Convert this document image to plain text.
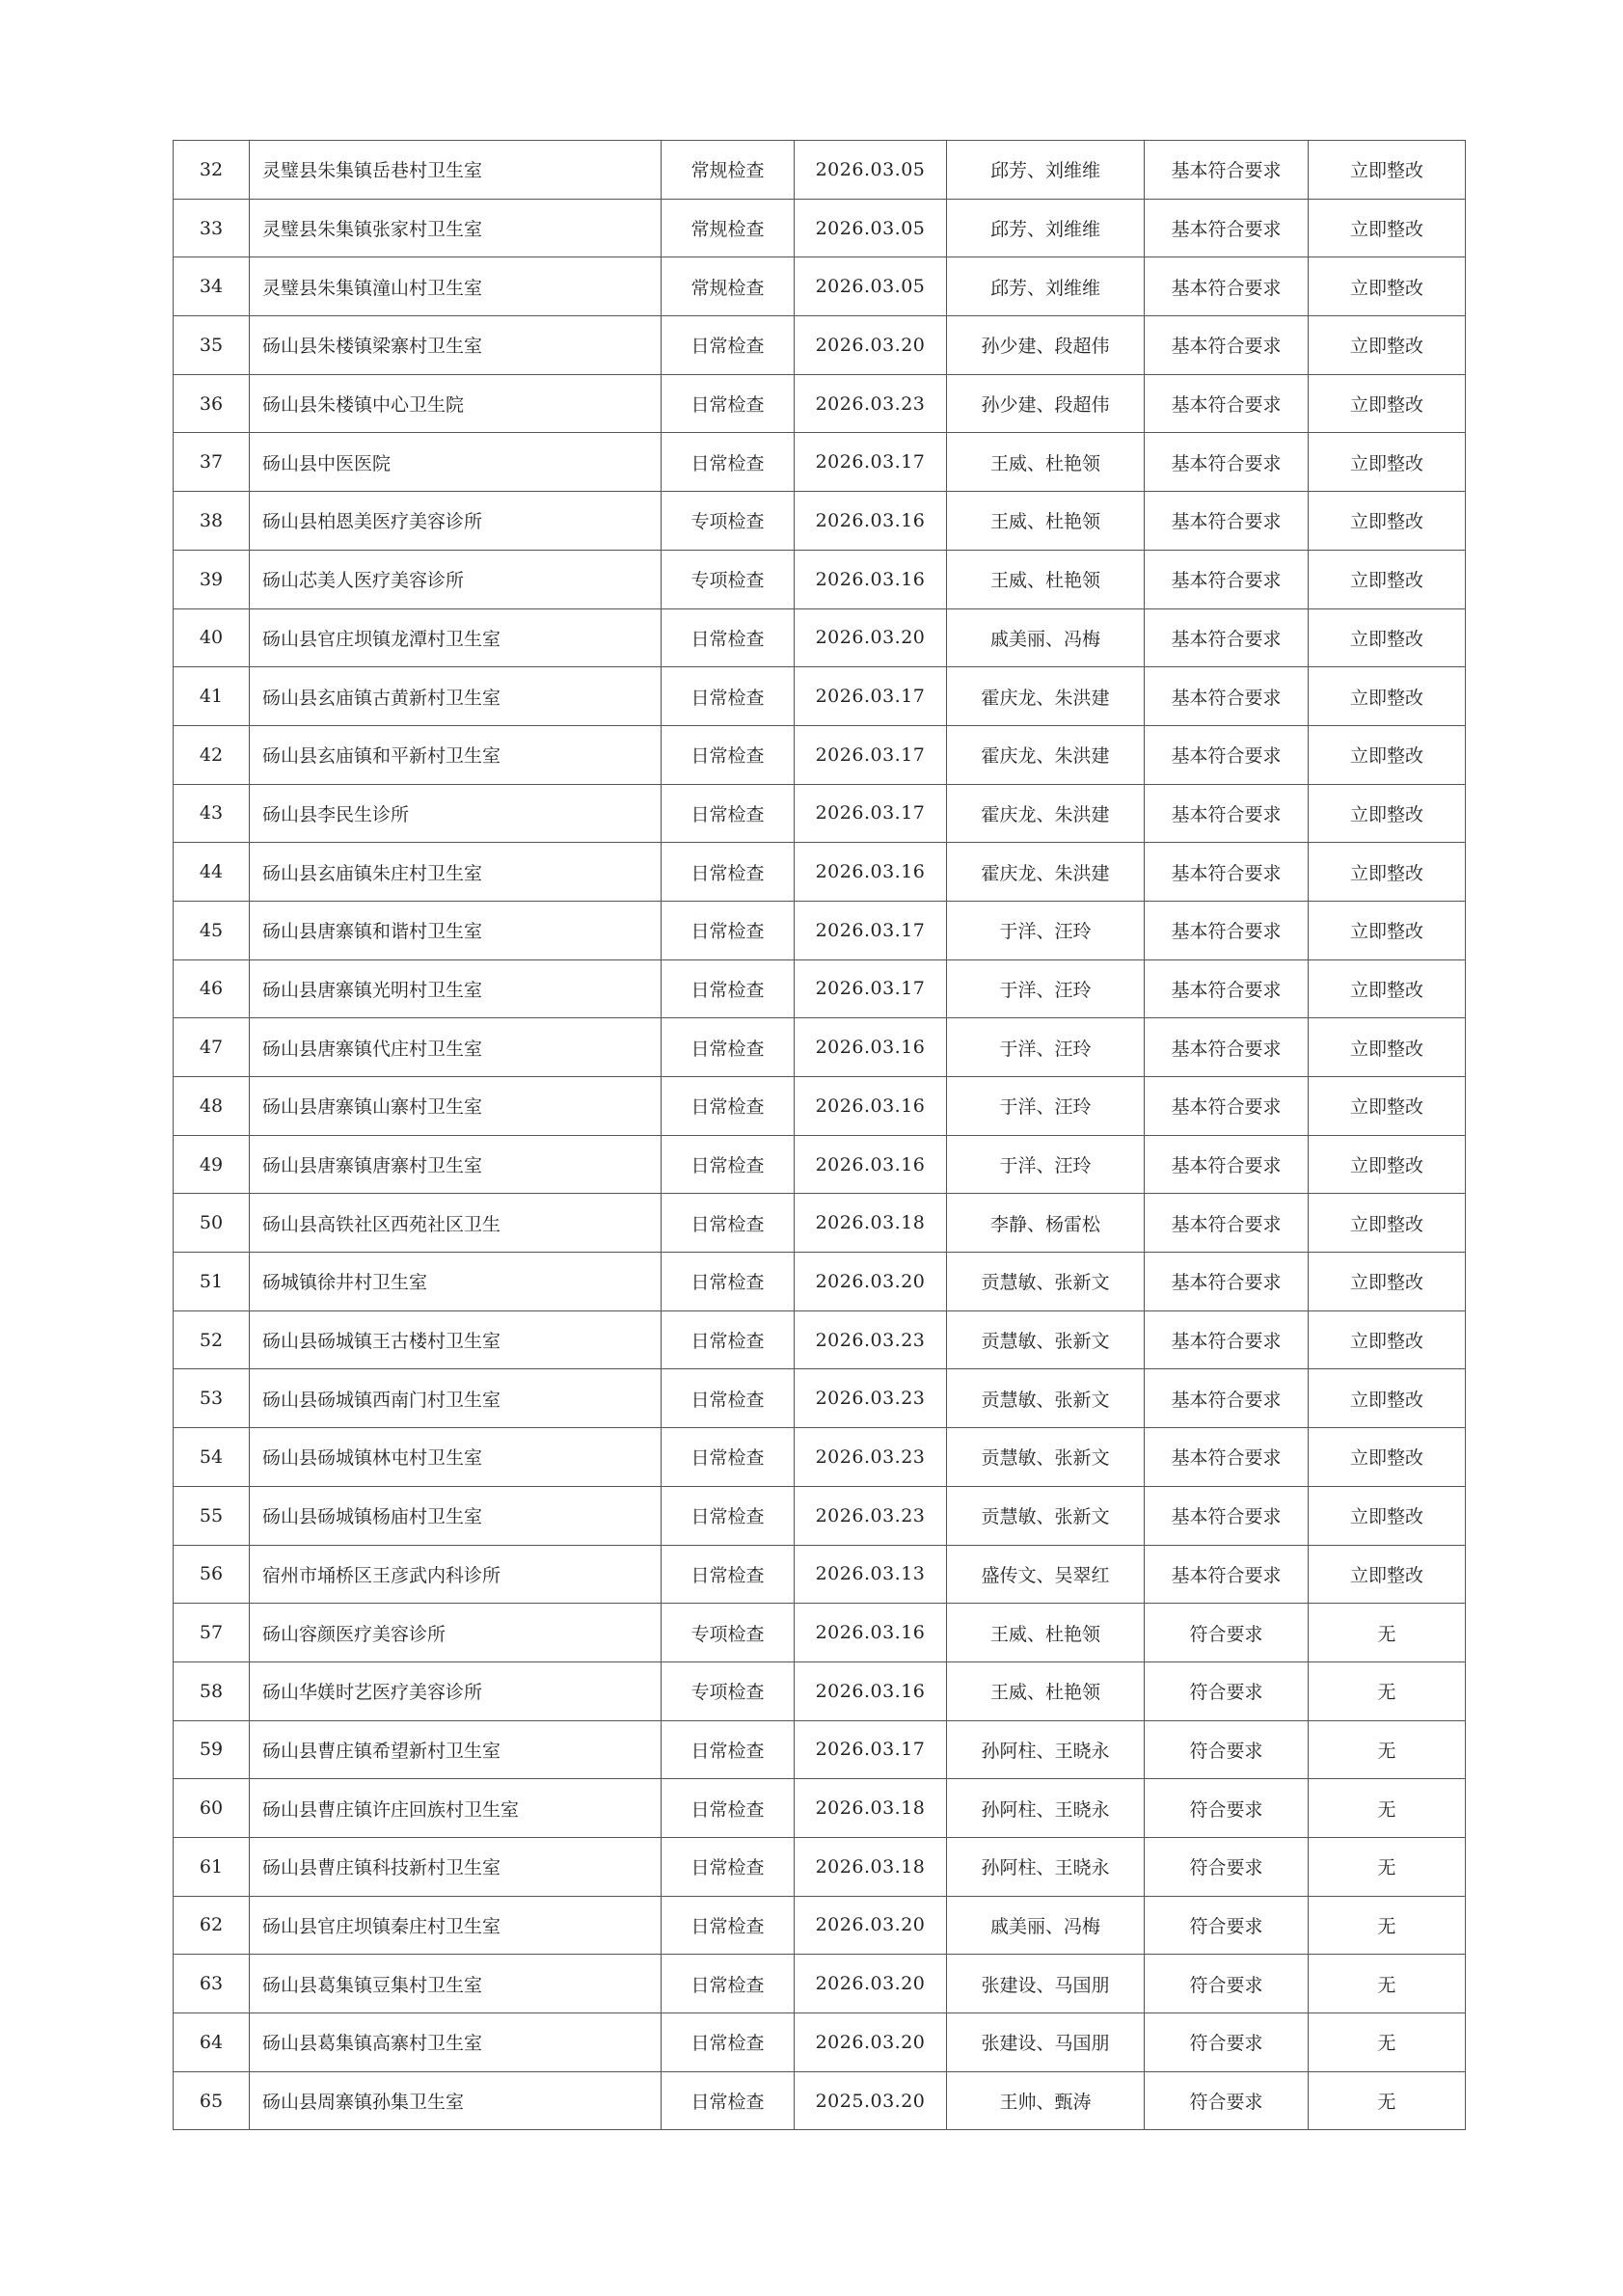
32	灵璧县朱集镇岳巷村卫生室	常规检查	2026.03.05	邱芳、刘维维	基本符合要求	立即整改
33	灵璧县朱集镇张家村卫生室	常规检查	2026.03.05	邱芳、刘维维	基本符合要求	立即整改
34	灵璧县朱集镇潼山村卫生室	常规检查	2026.03.05	邱芳、刘维维	基本符合要求	立即整改
35	砀山县朱楼镇梁寨村卫生室	日常检查	2026.03.20	孙少建、段超伟	基本符合要求	立即整改
36	砀山县朱楼镇中心卫生院	日常检查	2026.03.23	孙少建、段超伟	基本符合要求	立即整改
37	砀山县中医医院	日常检查	2026.03.17	王威、杜艳领	基本符合要求	立即整改
38	砀山县柏恩美医疗美容诊所	专项检查	2026.03.16	王威、杜艳领	基本符合要求	立即整改
39	砀山芯美人医疗美容诊所	专项检查	2026.03.16	王威、杜艳领	基本符合要求	立即整改
40	砀山县官庄坝镇龙潭村卫生室	日常检查	2026.03.20	戚美丽、冯梅	基本符合要求	立即整改
41	砀山县玄庙镇古黄新村卫生室	日常检查	2026.03.17	霍庆龙、朱洪建	基本符合要求	立即整改
42	砀山县玄庙镇和平新村卫生室	日常检查	2026.03.17	霍庆龙、朱洪建	基本符合要求	立即整改
43	砀山县李民生诊所	日常检查	2026.03.17	霍庆龙、朱洪建	基本符合要求	立即整改
44	砀山县玄庙镇朱庄村卫生室	日常检查	2026.03.16	霍庆龙、朱洪建	基本符合要求	立即整改
45	砀山县唐寨镇和谐村卫生室	日常检查	2026.03.17	于洋、汪玲	基本符合要求	立即整改
46	砀山县唐寨镇光明村卫生室	日常检查	2026.03.17	于洋、汪玲	基本符合要求	立即整改
47	砀山县唐寨镇代庄村卫生室	日常检查	2026.03.16	于洋、汪玲	基本符合要求	立即整改
48	砀山县唐寨镇山寨村卫生室	日常检查	2026.03.16	于洋、汪玲	基本符合要求	立即整改
49	砀山县唐寨镇唐寨村卫生室	日常检查	2026.03.16	于洋、汪玲	基本符合要求	立即整改
50	砀山县高铁社区西苑社区卫生	日常检查	2026.03.18	李静、杨雷松	基本符合要求	立即整改
51	砀城镇徐井村卫生室	日常检查	2026.03.20	贡慧敏、张新文	基本符合要求	立即整改
52	砀山县砀城镇王古楼村卫生室	日常检查	2026.03.23	贡慧敏、张新文	基本符合要求	立即整改
53	砀山县砀城镇西南门村卫生室	日常检查	2026.03.23	贡慧敏、张新文	基本符合要求	立即整改
54	砀山县砀城镇林屯村卫生室	日常检查	2026.03.23	贡慧敏、张新文	基本符合要求	立即整改
55	砀山县砀城镇杨庙村卫生室	日常检查	2026.03.23	贡慧敏、张新文	基本符合要求	立即整改
56	宿州市埇桥区王彦武内科诊所	日常检查	2026.03.13	盛传文、吴翠红	基本符合要求	立即整改
57	砀山容颜医疗美容诊所	专项检查	2026.03.16	王威、杜艳领	符合要求	无
58	砀山华媄时艺医疗美容诊所	专项检查	2026.03.16	王威、杜艳领	符合要求	无
59	砀山县曹庄镇希望新村卫生室	日常检查	2026.03.17	孙阿柱、王晓永	符合要求	无
60	砀山县曹庄镇许庄回族村卫生室	日常检查	2026.03.18	孙阿柱、王晓永	符合要求	无
61	砀山县曹庄镇科技新村卫生室	日常检查	2026.03.18	孙阿柱、王晓永	符合要求	无
62	砀山县官庄坝镇秦庄村卫生室	日常检查	2026.03.20	戚美丽、冯梅	符合要求	无
63	砀山县葛集镇豆集村卫生室	日常检查	2026.03.20	张建设、马国朋	符合要求	无
64	砀山县葛集镇高寨村卫生室	日常检查	2026.03.20	张建设、马国朋	符合要求	无
65	砀山县周寨镇孙集卫生室	日常检查	2025.03.20	王帅、甄涛	符合要求	无
